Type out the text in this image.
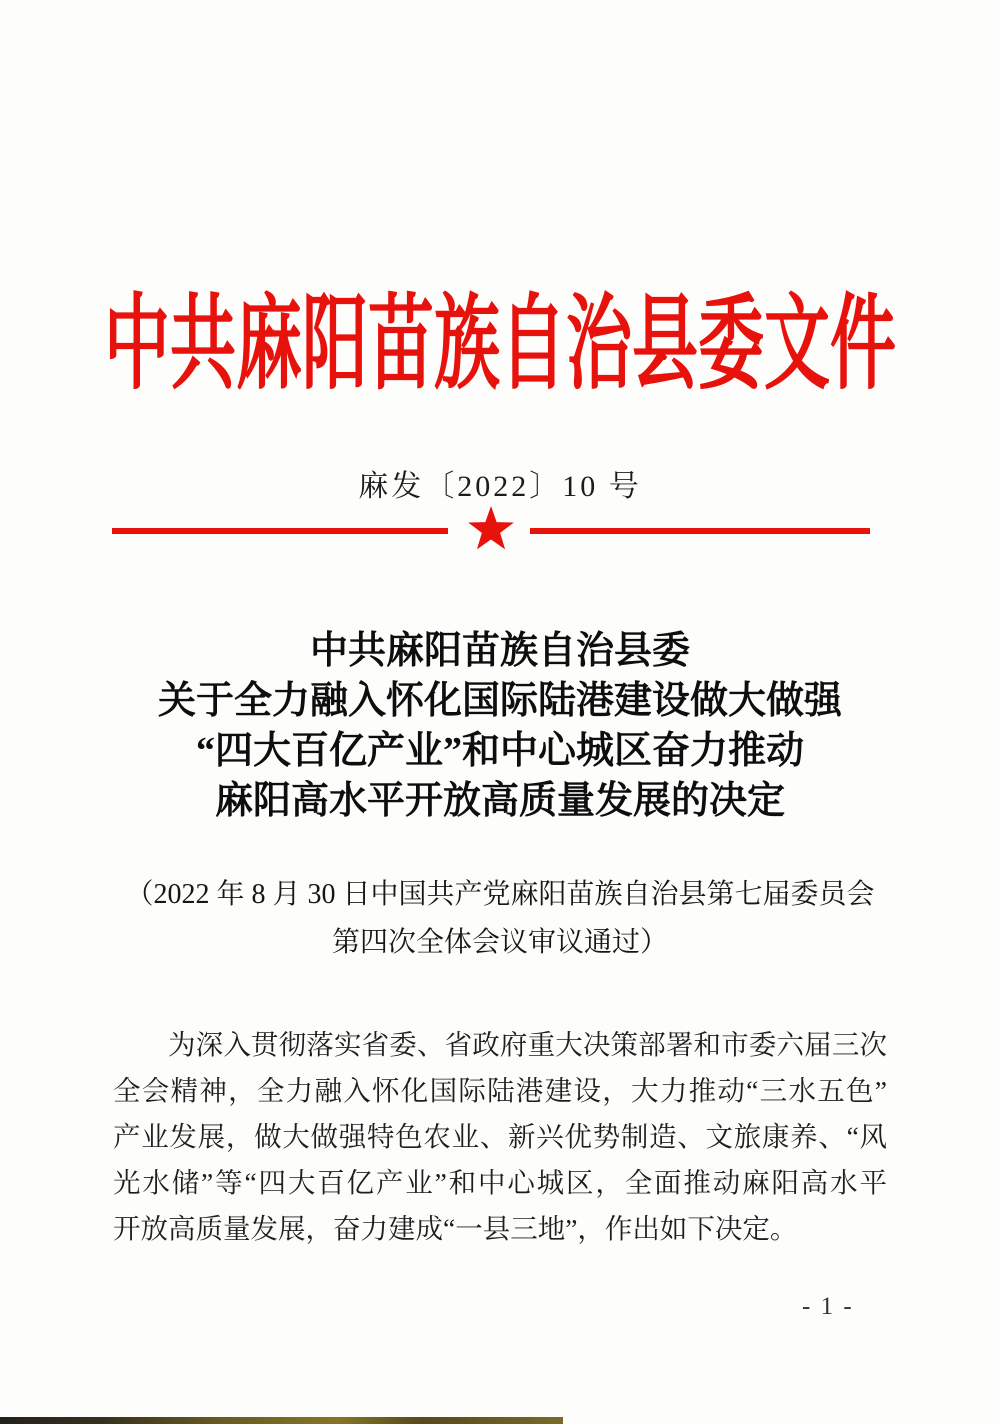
中共麻阳苗族自治县委文件
麻发〔2022〕10 号
中共麻阳苗族自治县委
关于全力融入怀化国际陆港建设做大做强
“四大百亿产业”和中心城区奋力推动
麻阳高水平开放高质量发展的决定
（2022 年 8 月 30 日中国共产党麻阳苗族自治县第七届委员会
第四次全体会议审议通过）
为深入贯彻落实省委、省政府重大决策部署和市委六届三次
全会精神，全力融入怀化国际陆港建设，大力推动“三水五色”
产业发展，做大做强特色农业、新兴优势制造、文旅康养、“风
光水储”等“四大百亿产业”和中心城区，全面推动麻阳高水平
开放高质量发展，奋力建成“一县三地”，作出如下决定。
- 1 -
